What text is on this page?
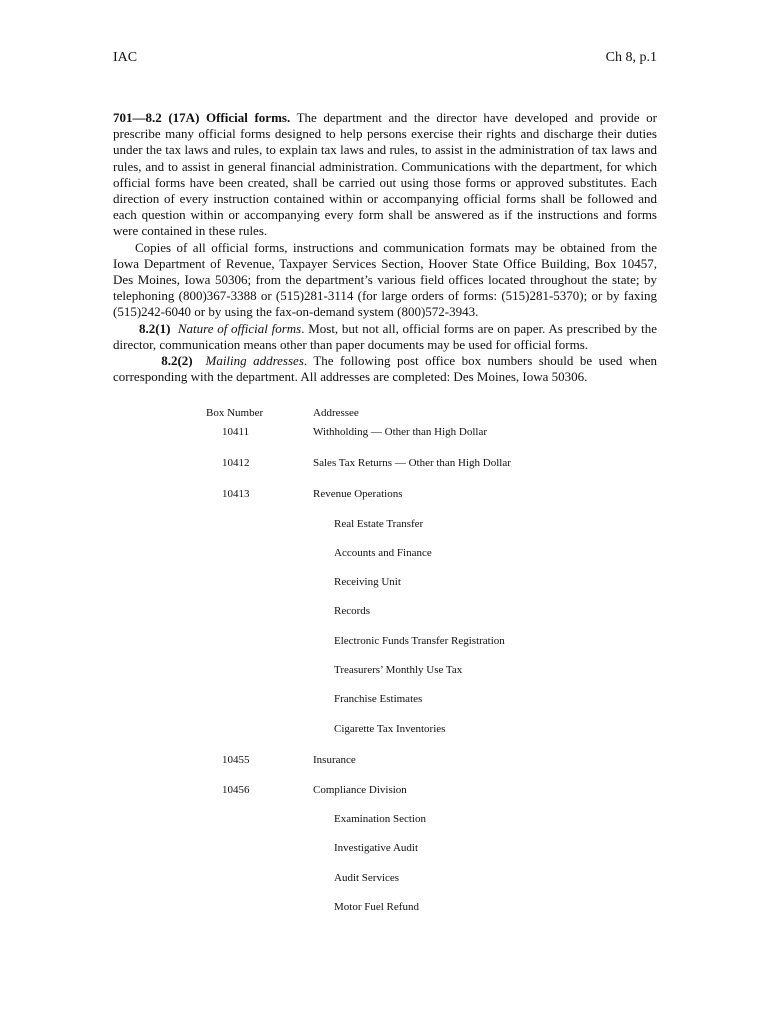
IAC	Ch 8, p.1

701—8.2 (17A) Official forms. The department and the director have developed and provide or prescribe many official forms designed to help persons exercise their rights and discharge their duties under the tax laws and rules, to explain tax laws and rules, to assist in the administration of tax laws and rules, and to assist in general financial administration. Communications with the department, for which official forms have been created, shall be carried out using those forms or approved substitutes. Each direction of every instruction contained within or accompanying official forms shall be followed and each question within or accompanying every form shall be answered as if the instructions and forms were contained in these rules.

Copies of all official forms, instructions and communication formats may be obtained from the Iowa Department of Revenue, Taxpayer Services Section, Hoover State Office Building, Box 10457, Des Moines, Iowa 50306; from the department’s various field offices located throughout the state; by telephoning (800)367-3388 or (515)281-3114 (for large orders of forms: (515)281-5370); or by faxing (515)242-6040 or by using the fax-on-demand system (800)572-3943.

8.2(1) Nature of official forms. Most, but not all, official forms are on paper. As prescribed by the director, communication means other than paper documents may be used for official forms.

8.2(2) Mailing addresses. The following post office box numbers should be used when corresponding with the department. All addresses are completed: Des Moines, Iowa 50306.

Box Number	Addressee
10411	Withholding — Other than High Dollar
10412	Sales Tax Returns — Other than High Dollar
10413	Revenue Operations
Real Estate Transfer
Accounts and Finance
Receiving Unit
Records
Electronic Funds Transfer Registration
Treasurers’ Monthly Use Tax
Franchise Estimates
Cigarette Tax Inventories
10455	Insurance
10456	Compliance Division
Examination Section
Investigative Audit
Audit Services
Motor Fuel Refund
